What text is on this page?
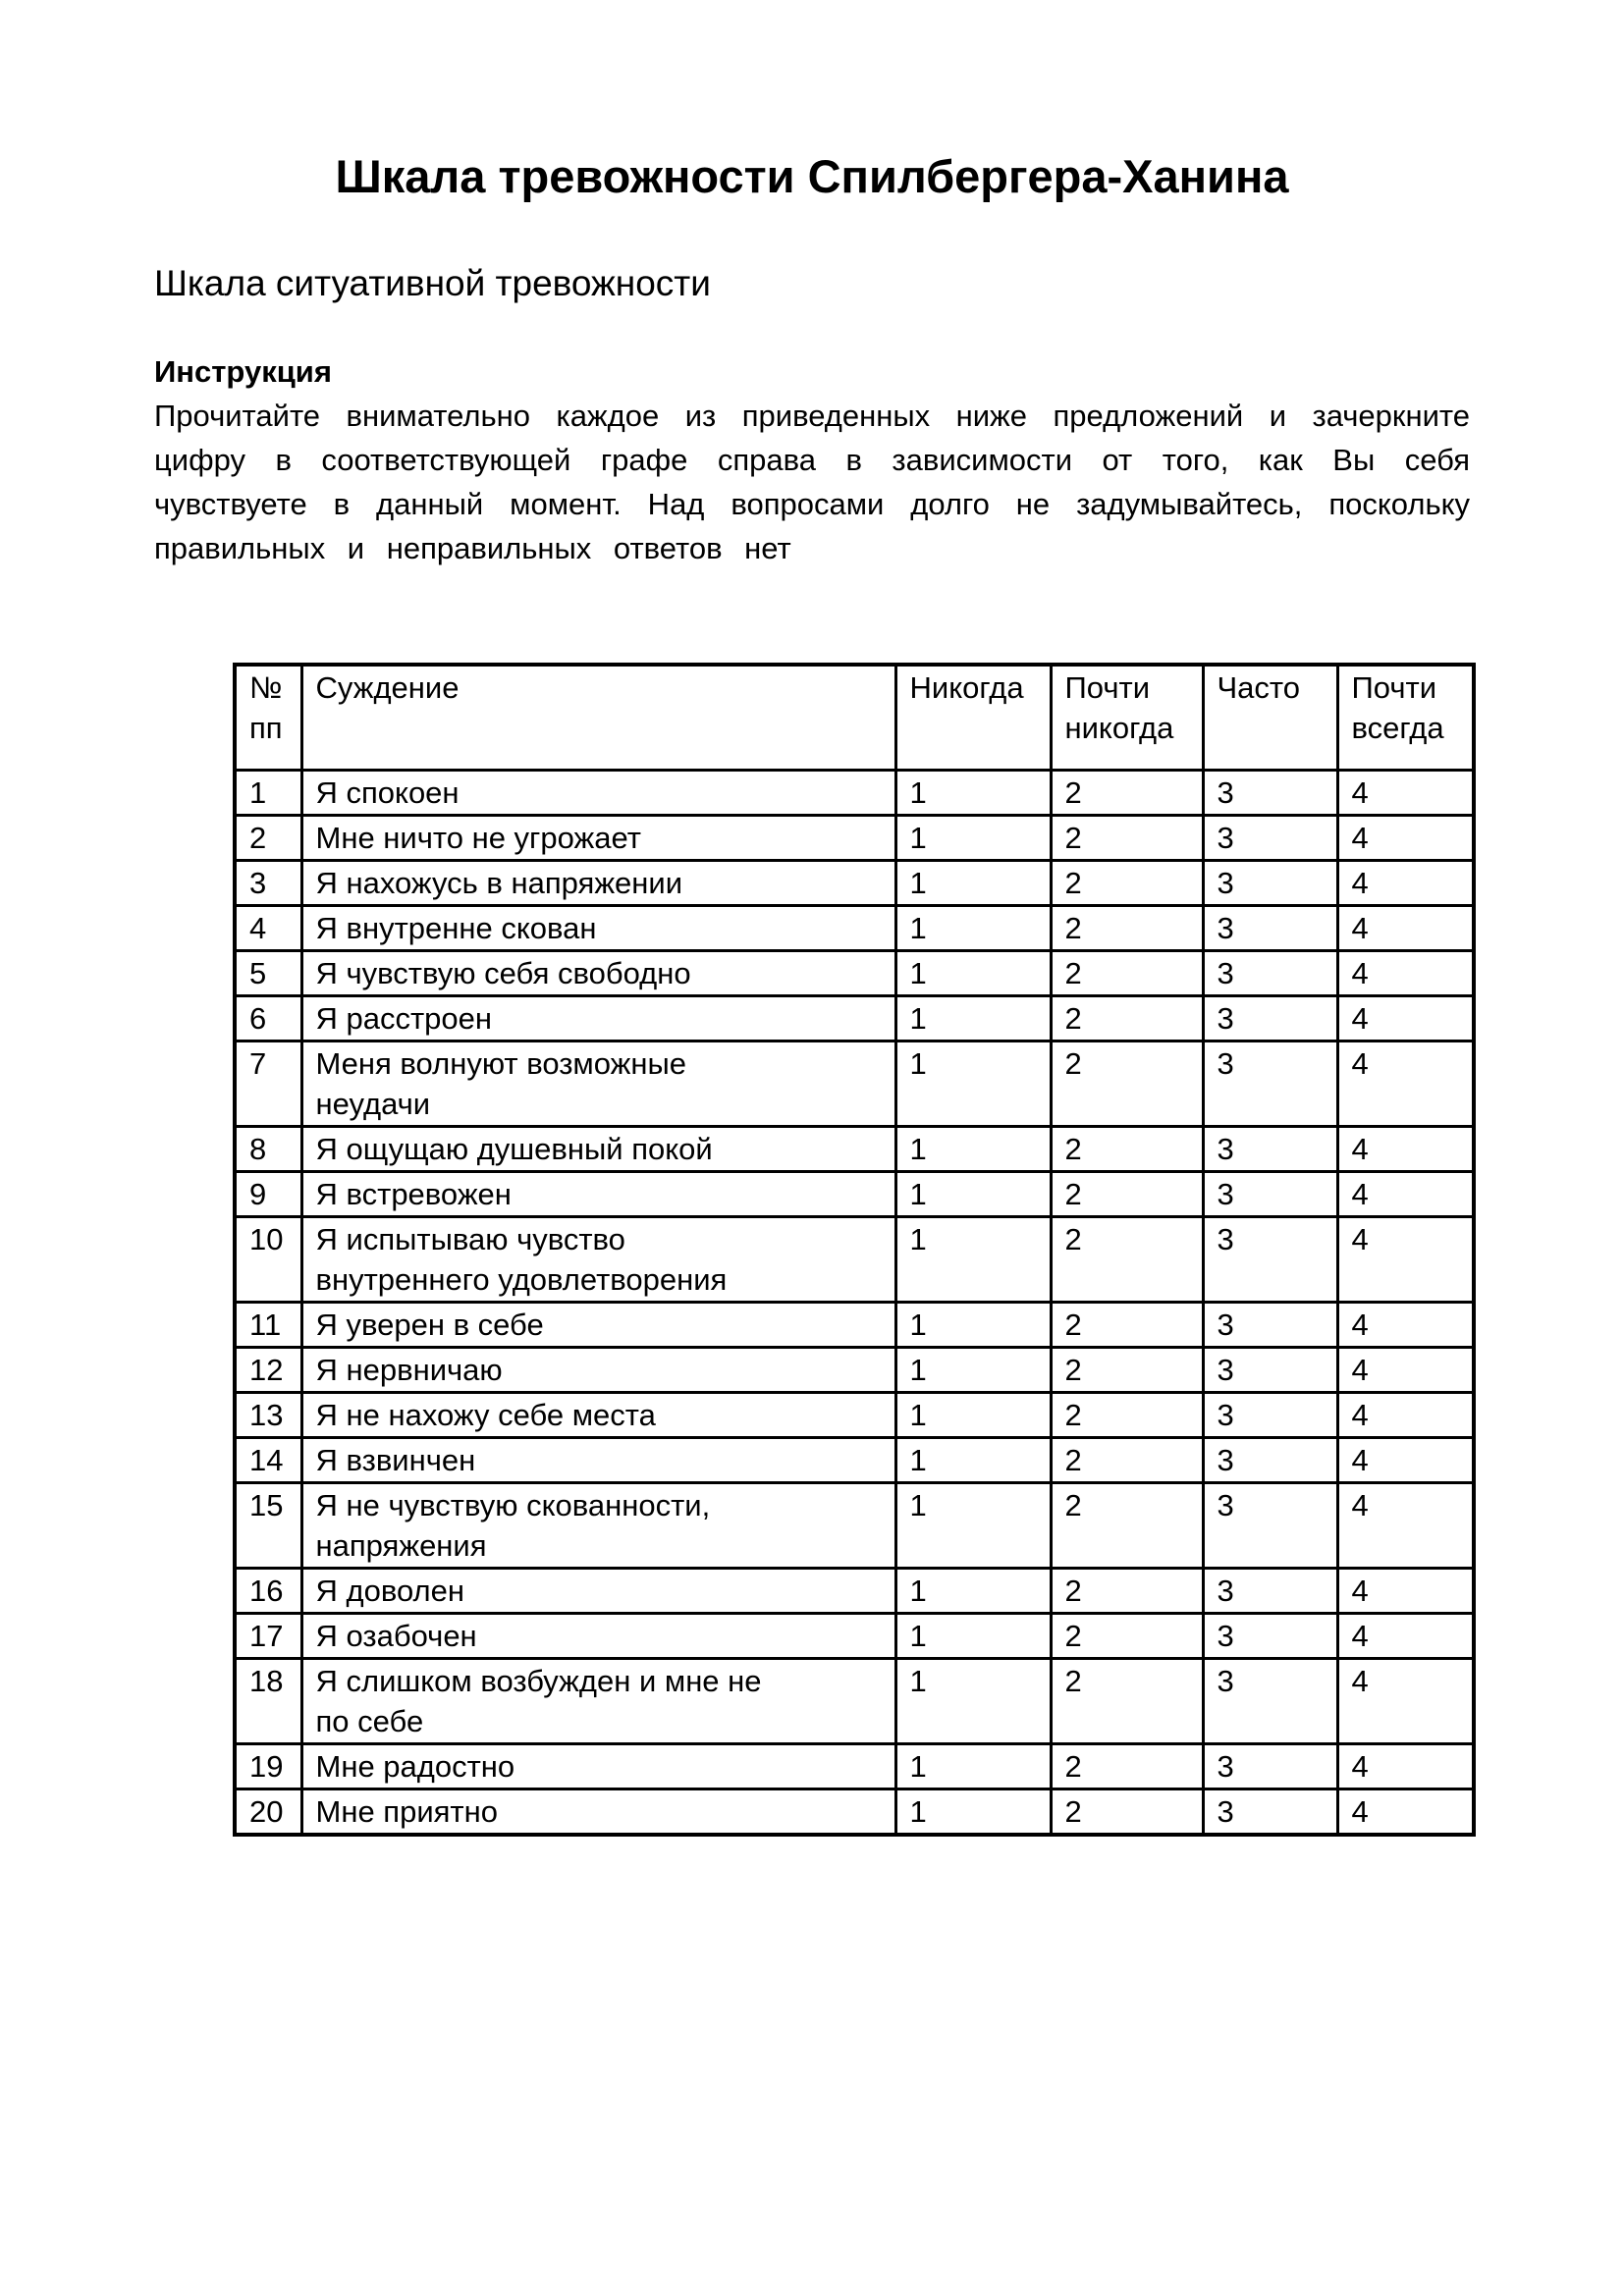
Шкала тревожности Спилбергера-Ханина
Шкала ситуативной тревожности
Инструкция

Прочитайте внимательно каждое из приведенных ниже предложений и зачеркните цифру в соответствующей графе справа в зависимости от того, как Вы себя чувствуете в данный момент. Над вопросами долго не задумывайтесь, поскольку правильных и неправильных ответов нет

№ пп	Суждение	Никогда	Почти никогда	Часто	Почти всегда
1	Я спокоен	1	2	3	4
2	Мне ничто не угрожает	1	2	3	4
3	Я нахожусь в напряжении	1	2	3	4
4	Я внутренне скован	1	2	3	4
5	Я чувствую себя свободно	1	2	3	4
6	Я расстроен	1	2	3	4
7	Меня волнуют возможные неудачи	1	2	3	4
8	Я ощущаю душевный покой	1	2	3	4
9	Я встревожен	1	2	3	4
10	Я испытываю чувство внутреннего удовлетворения	1	2	3	4
11	Я уверен в себе	1	2	3	4
12	Я нервничаю	1	2	3	4
13	Я не нахожу себе места	1	2	3	4
14	Я взвинчен	1	2	3	4
15	Я не чувствую скованности, напряжения	1	2	3	4
16	Я доволен	1	2	3	4
17	Я озабочен	1	2	3	4
18	Я слишком возбужден и мне не по себе	1	2	3	4
19	Мне радостно	1	2	3	4
20	Мне приятно	1	2	3	4
